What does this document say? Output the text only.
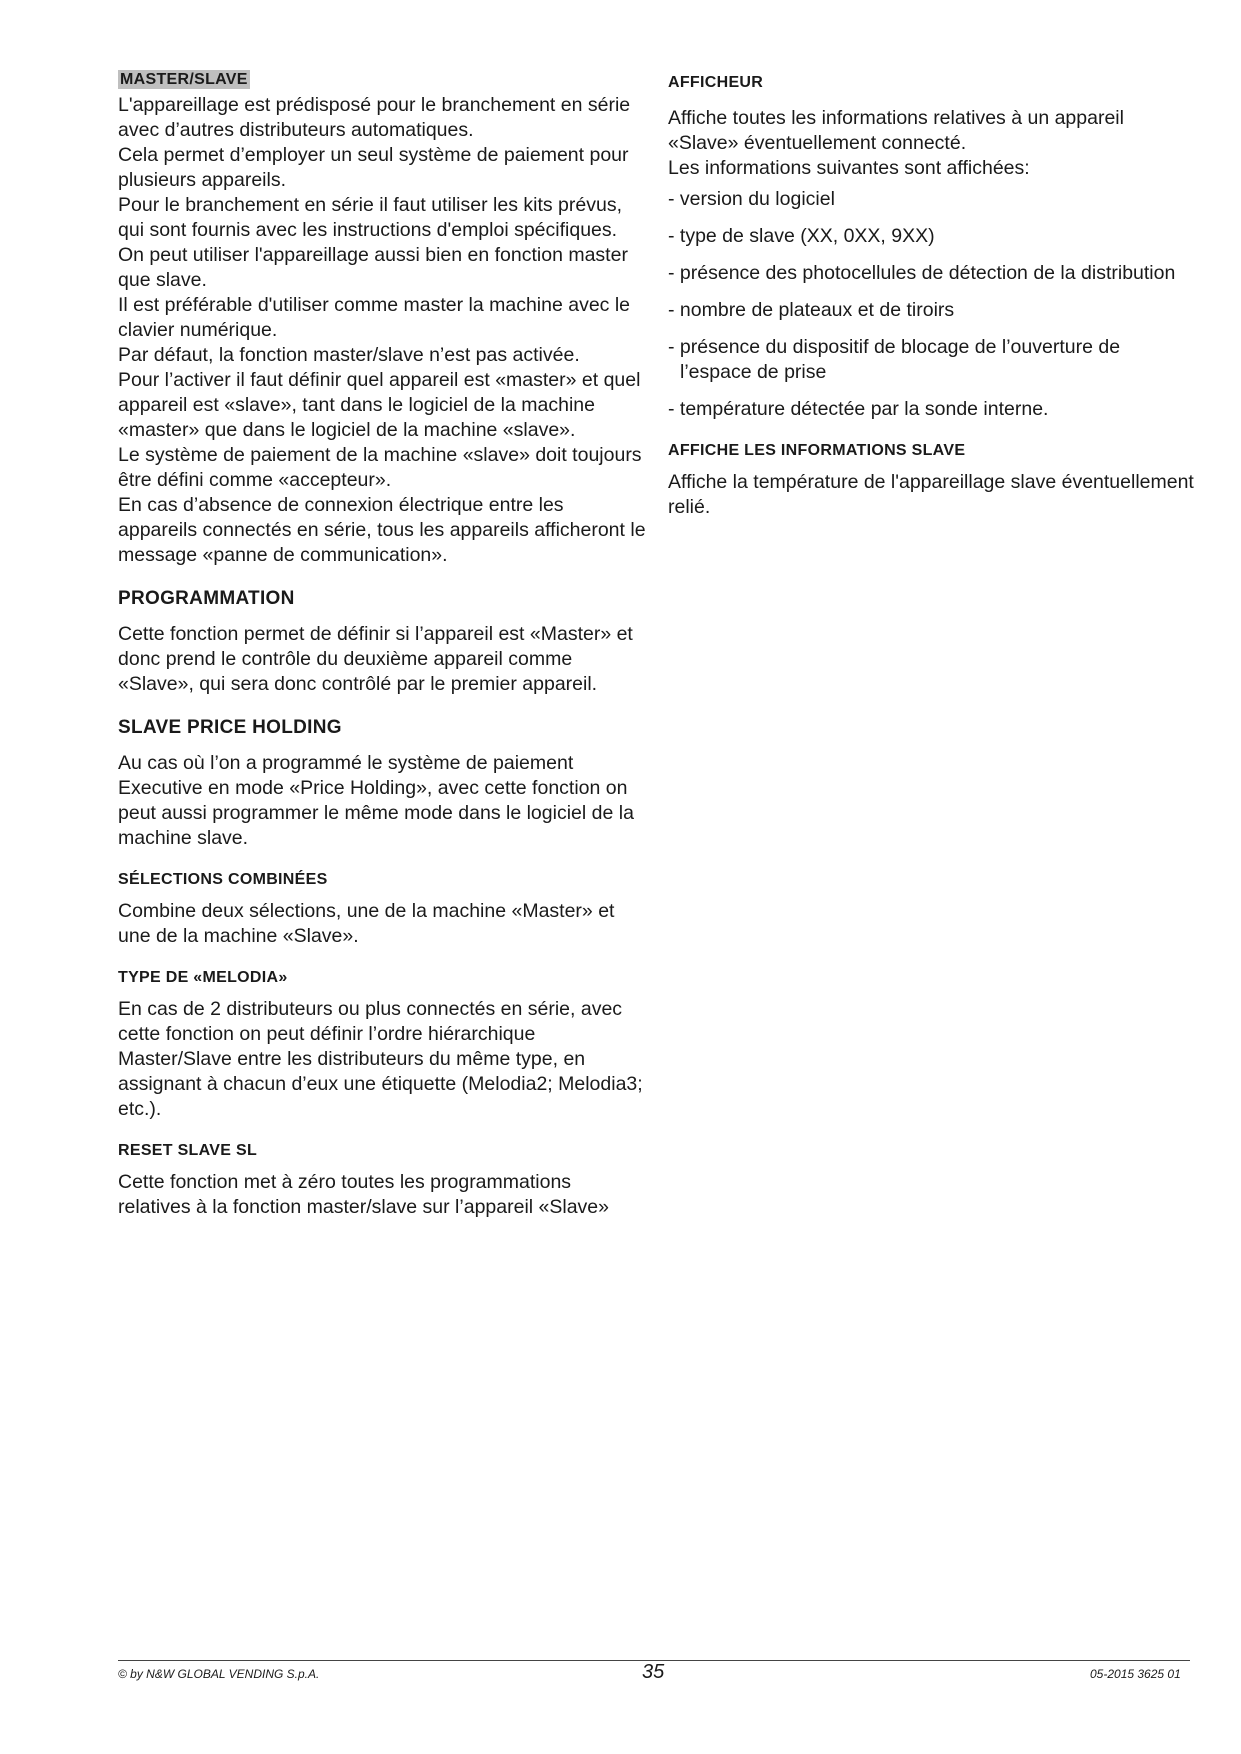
MASTER/SLAVE

L'appareillage est prédisposé pour le branchement en série avec d’autres distributeurs automatiques.

Cela permet d’employer un seul système de paiement pour plusieurs appareils.

Pour le branchement en série il faut utiliser les kits prévus, qui sont fournis avec les instructions d'emploi spécifiques.

On peut utiliser l'appareillage aussi bien en fonction master que slave.

Il est préférable d'utiliser comme master la machine avec le clavier numérique.

Par défaut, la fonction master/slave n’est pas activée.

Pour l’activer il faut définir quel appareil est «master» et quel appareil est «slave», tant dans le logiciel de la machine «master» que dans le logiciel de la machine «slave».

Le système de paiement de la machine «slave» doit toujours être défini comme «accepteur».

En cas d’absence de connexion électrique entre les appareils connectés en série, tous les appareils afficheront le message «panne de communication».

PROGRAMMATION

Cette fonction permet de définir si l’appareil est «Master» et donc prend le contrôle du deuxième appareil comme «Slave», qui sera donc contrôlé par le premier appareil.

SLAVE PRICE HOLDING

Au cas où l’on a programmé le système de paiement Executive en mode «Price Holding», avec cette fonction on peut aussi programmer le même mode dans le logiciel de la machine slave.

SÉLECTIONS COMBINÉES

Combine deux sélections, une de la machine «Master» et une de la machine «Slave».

TYPE DE «MELODIA»

En cas de 2 distributeurs ou plus connectés en série, avec cette fonction on peut définir l’ordre hiérarchique Master/Slave entre les distributeurs du même type, en assignant à chacun d’eux une étiquette (Melodia2; Melodia3; etc.).

RESET SLAVE SL

Cette fonction met à zéro toutes les programmations relatives à la fonction master/slave sur l’appareil «Slave»

AFFICHEUR

Affiche toutes les informations relatives à un appareil «Slave» éventuellement connecté.

Les informations suivantes sont affichées:

- version du logiciel
- type de slave (XX, 0XX, 9XX)
- présence des photocellules de détection de la distribution
- nombre de plateaux et de tiroirs
- présence du dispositif de blocage de l’ouverture de l’espace de prise
- température détectée par la sonde interne.
AFFICHE LES INFORMATIONS SLAVE

Affiche la température de l'appareillage slave éventuellement relié.

© by N&W GLOBAL VENDING S.p.A.	35	05-2015 3625 01
